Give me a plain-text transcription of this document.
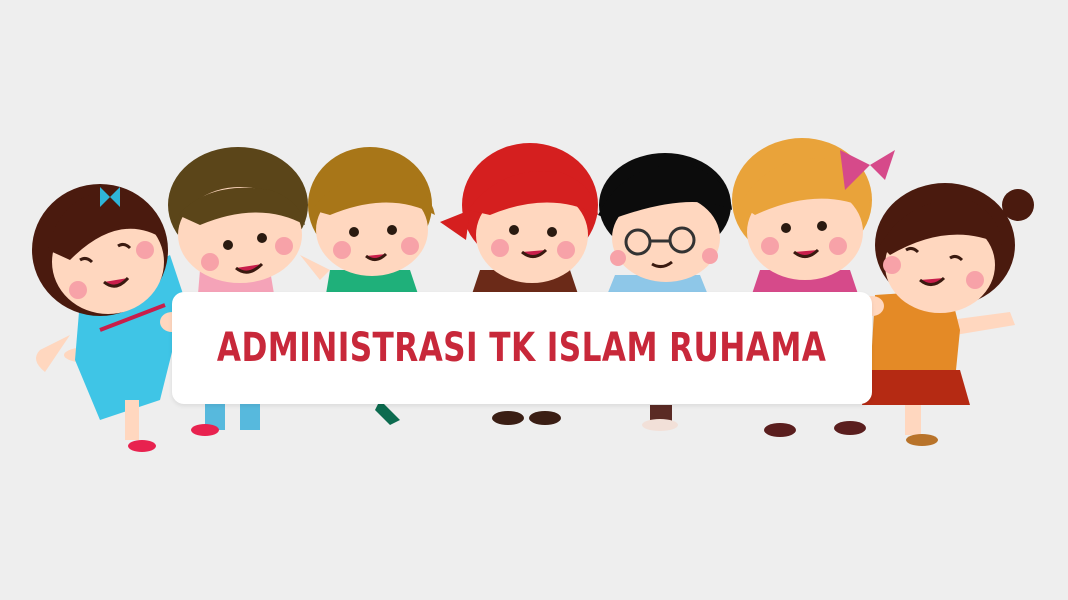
ADMINISTRASI TK ISLAM RUHAMA
